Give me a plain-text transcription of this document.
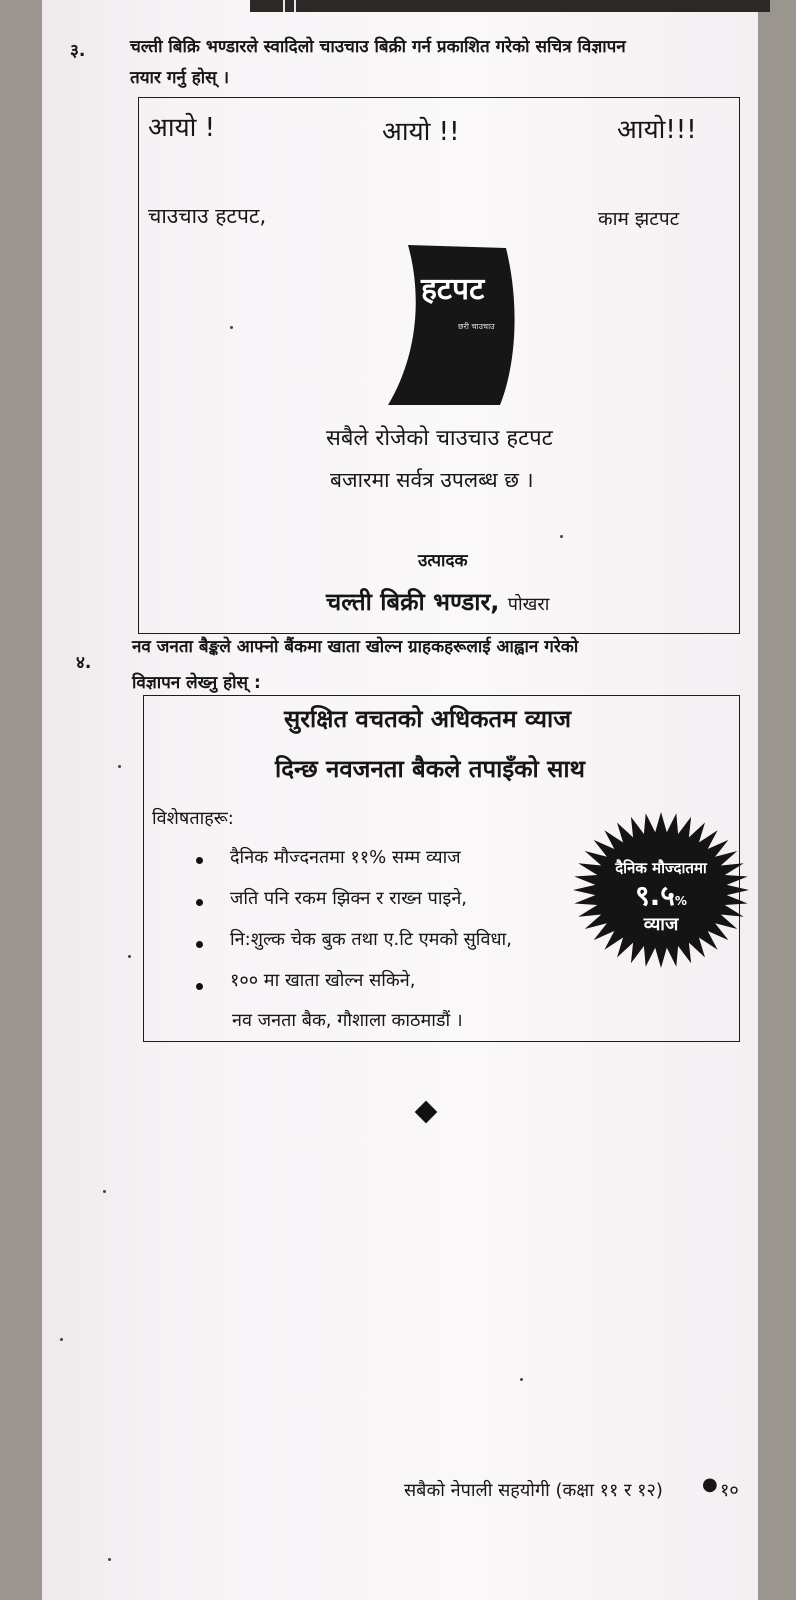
३.	चल्ती बिक्रि भण्डारले स्वादिलो चाउचाउ बिक्री गर्न प्रकाशित गरेको सचित्र विज्ञापन
तयार गर्नु होस् ।
आयो !	आयो !!	आयो!!!
चाउचाउ हटपट,	काम झटपट
हटपट
छरी चाउचाउ
सबैले रोजेको चाउचाउ हटपट
बजारमा सर्वत्र उपलब्ध छ ।
उत्पादक
चल्ती बिक्री भण्डार, पोखरा
४.
नव जनता बैङ्कले आफ्नो बैंकमा खाता खोल्न ग्राहकहरूलाई आह्वान गरेको
विज्ञापन लेख्नु होस् :
सुरक्षित वचतको अधिकतम व्याज
दिन्छ नवजनता बैकले तपाइँको साथ
विशेषताहरू:
दैनिक मौज्दनतमा ११% सम्म व्याज
जति पनि रकम झिक्न र राख्न पाइने,
नि:शुल्क चेक बुक तथा ए.टि एमको सुविधा,
१०० मा खाता खोल्न सकिने,
नव जनता बैक, गौशाला काठमाडौं ।
दैनिक मौज्दातमा
९.५%
व्याज
सबैको नेपाली सहयोगी (कक्षा ११ र १२) ● १०
